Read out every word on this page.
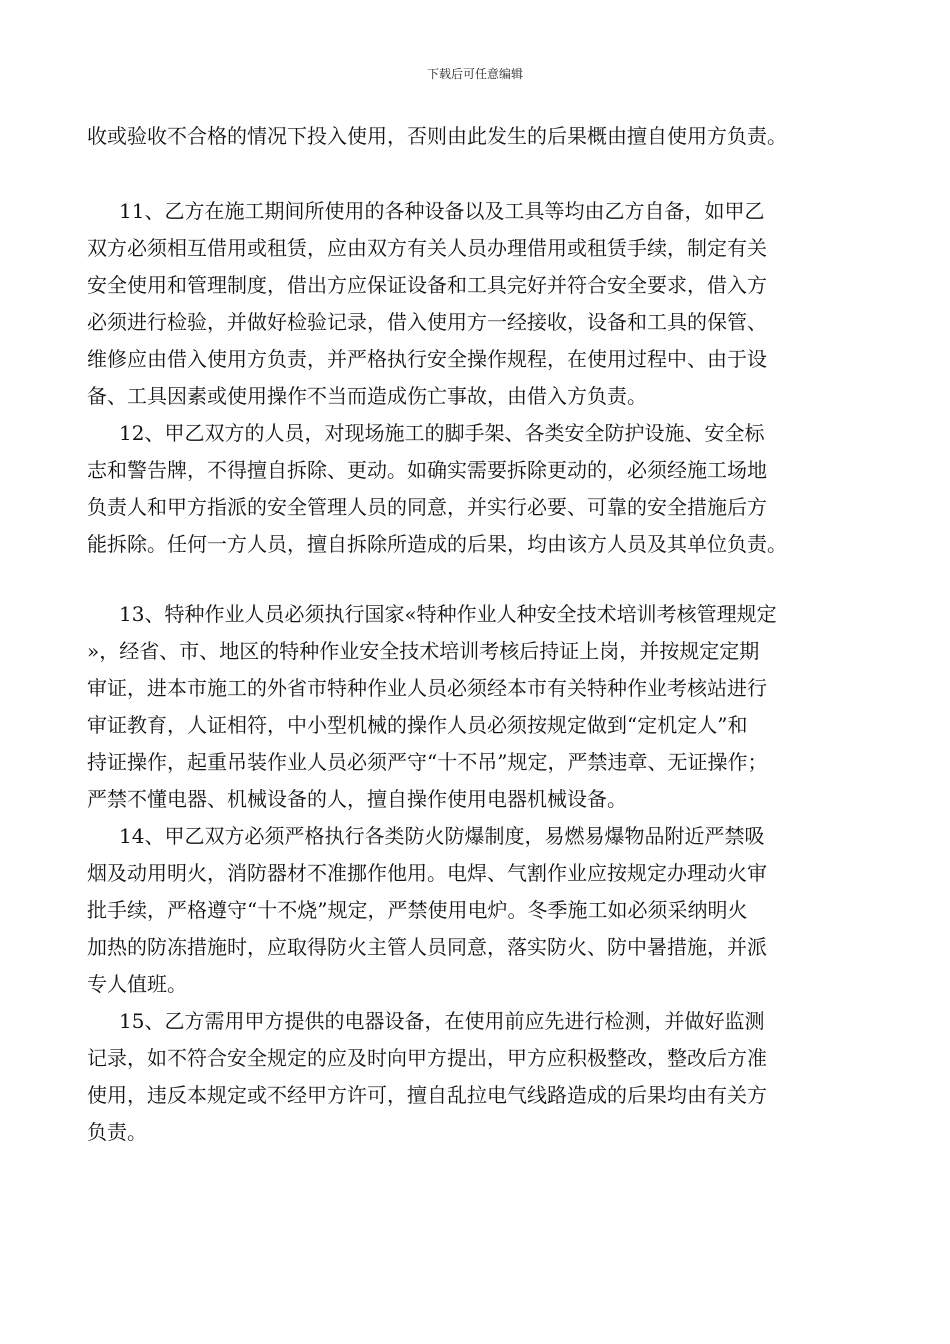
下载后可任意编辑
收或验收不合格的情况下投入使用，否则由此发生的后果概由擅自使用方负责。
11、乙方在施工期间所使用的各种设备以及工具等均由乙方自备，如甲乙
双方必须相互借用或租赁，应由双方有关人员办理借用或租赁手续，制定有关
安全使用和管理制度，借出方应保证设备和工具完好并符合安全要求，借入方
必须进行检验，并做好检验记录，借入使用方一经接收，设备和工具的保管、
维修应由借入使用方负责，并严格执行安全操作规程，在使用过程中、由于设
备、工具因素或使用操作不当而造成伤亡事故，由借入方负责。
12、甲乙双方的人员，对现场施工的脚手架、各类安全防护设施、安全标
志和警告牌，不得擅自拆除、更动。如确实需要拆除更动的，必须经施工场地
负责人和甲方指派的安全管理人员的同意，并实行必要、可靠的安全措施后方
能拆除。任何一方人员，擅自拆除所造成的后果，均由该方人员及其单位负责。
13、特种作业人员必须执行国家«特种作业人种安全技术培训考核管理规定
»，经省、市、地区的特种作业安全技术培训考核后持证上岗，并按规定定期
审证，进本市施工的外省市特种作业人员必须经本市有关特种作业考核站进行
审证教育，人证相符，中小型机械的操作人员必须按规定做到“定机定人”和
持证操作，起重吊装作业人员必须严守“十不吊”规定，严禁违章、无证操作；
严禁不懂电器、机械设备的人，擅自操作使用电器机械设备。
14、甲乙双方必须严格执行各类防火防爆制度，易燃易爆物品附近严禁吸
烟及动用明火，消防器材不准挪作他用。电焊、气割作业应按规定办理动火审
批手续，严格遵守“十不烧”规定，严禁使用电炉。冬季施工如必须采纳明火
加热的防冻措施时，应取得防火主管人员同意，落实防火、防中暑措施，并派
专人值班。
15、乙方需用甲方提供的电器设备，在使用前应先进行检测，并做好监测
记录，如不符合安全规定的应及时向甲方提出，甲方应积极整改，整改后方准
使用，违反本规定或不经甲方许可，擅自乱拉电气线路造成的后果均由有关方
负责。
